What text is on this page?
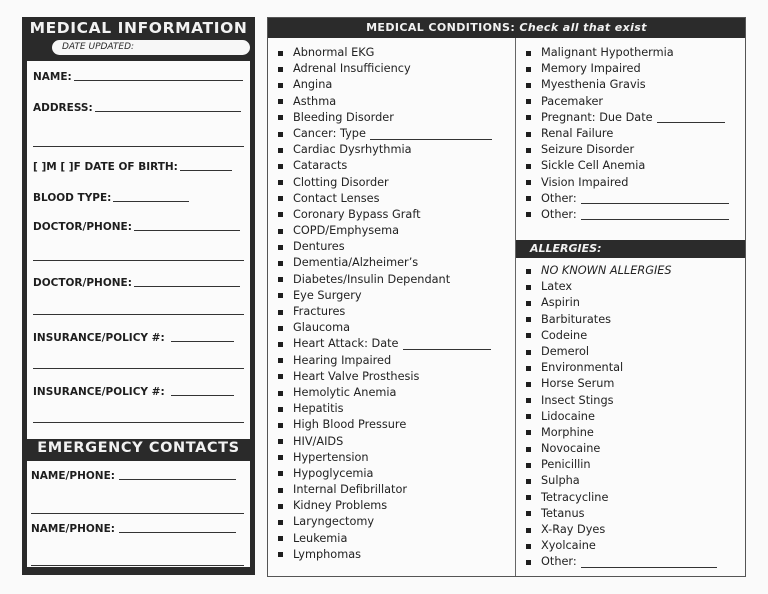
MEDICAL INFORMATION
DATE UPDATED:
NAME:
ADDRESS:
[ ]M [ ]F DATE OF BIRTH:
BLOOD TYPE:
DOCTOR/PHONE:
DOCTOR/PHONE:
INSURANCE/POLICY #:
INSURANCE/POLICY #:
EMERGENCY CONTACTS
NAME/PHONE:
NAME/PHONE:
MEDICAL CONDITIONS: Check all that exist
Abnormal EKG
Adrenal Insufficiency
Angina
Asthma
Bleeding Disorder
Cancer: Type
Cardiac Dysrhythmia
Cataracts
Clotting Disorder
Contact Lenses
Coronary Bypass Graft
COPD/Emphysema
Dentures
Dementia/Alzheimer’s
Diabetes/Insulin Dependant
Eye Surgery
Fractures
Glaucoma
Heart Attack: Date
Hearing Impaired
Heart Valve Prosthesis
Hemolytic Anemia
Hepatitis
High Blood Pressure
HIV/AIDS
Hypertension
Hypoglycemia
Internal Defibrillator
Kidney Problems
Laryngectomy
Leukemia
Lymphomas
Malignant Hypothermia
Memory Impaired
Myesthenia Gravis
Pacemaker
Pregnant: Due Date
Renal Failure
Seizure Disorder
Sickle Cell Anemia
Vision Impaired
Other:
Other:
ALLERGIES:
NO KNOWN ALLERGIES
Latex
Aspirin
Barbiturates
Codeine
Demerol
Environmental
Horse Serum
Insect Stings
Lidocaine
Morphine
Novocaine
Penicillin
Sulpha
Tetracycline
Tetanus
X-Ray Dyes
Xyolcaine
Other:
